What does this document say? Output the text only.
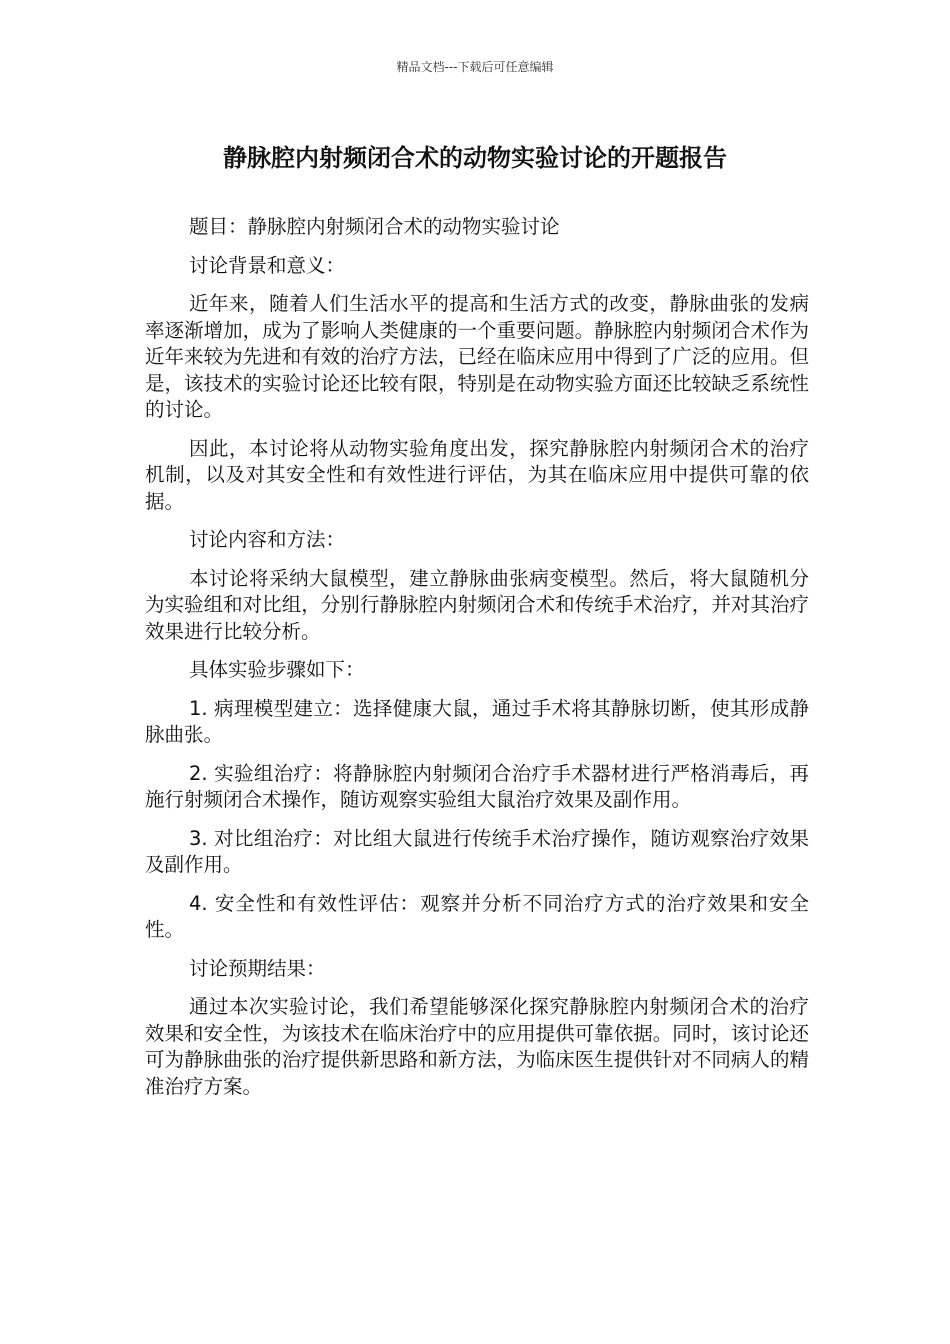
精品文档---下载后可任意编辑
静脉腔内射频闭合术的动物实验讨论的开题报告

题目：静脉腔内射频闭合术的动物实验讨论

讨论背景和意义：

近年来，随着人们生活水平的提高和生活方式的改变，静脉曲张的发病率逐渐增加，成为了影响人类健康的一个重要问题。静脉腔内射频闭合术作为近年来较为先进和有效的治疗方法，已经在临床应用中得到了广泛的应用。但是，该技术的实验讨论还比较有限，特别是在动物实验方面还比较缺乏系统性的讨论。

因此，本讨论将从动物实验角度出发，探究静脉腔内射频闭合术的治疗机制，以及对其安全性和有效性进行评估，为其在临床应用中提供可靠的依据。

讨论内容和方法：

本讨论将采纳大鼠模型，建立静脉曲张病变模型。然后，将大鼠随机分为实验组和对比组，分别行静脉腔内射频闭合术和传统手术治疗，并对其治疗效果进行比较分析。

具体实验步骤如下：

1. 病理模型建立：选择健康大鼠，通过手术将其静脉切断，使其形成静脉曲张。

2. 实验组治疗：将静脉腔内射频闭合治疗手术器材进行严格消毒后，再施行射频闭合术操作，随访观察实验组大鼠治疗效果及副作用。

3. 对比组治疗：对比组大鼠进行传统手术治疗操作，随访观察治疗效果及副作用。

4. 安全性和有效性评估：观察并分析不同治疗方式的治疗效果和安全性。

讨论预期结果：

通过本次实验讨论，我们希望能够深化探究静脉腔内射频闭合术的治疗效果和安全性，为该技术在临床治疗中的应用提供可靠依据。同时，该讨论还可为静脉曲张的治疗提供新思路和新方法，为临床医生提供针对不同病人的精准治疗方案。
